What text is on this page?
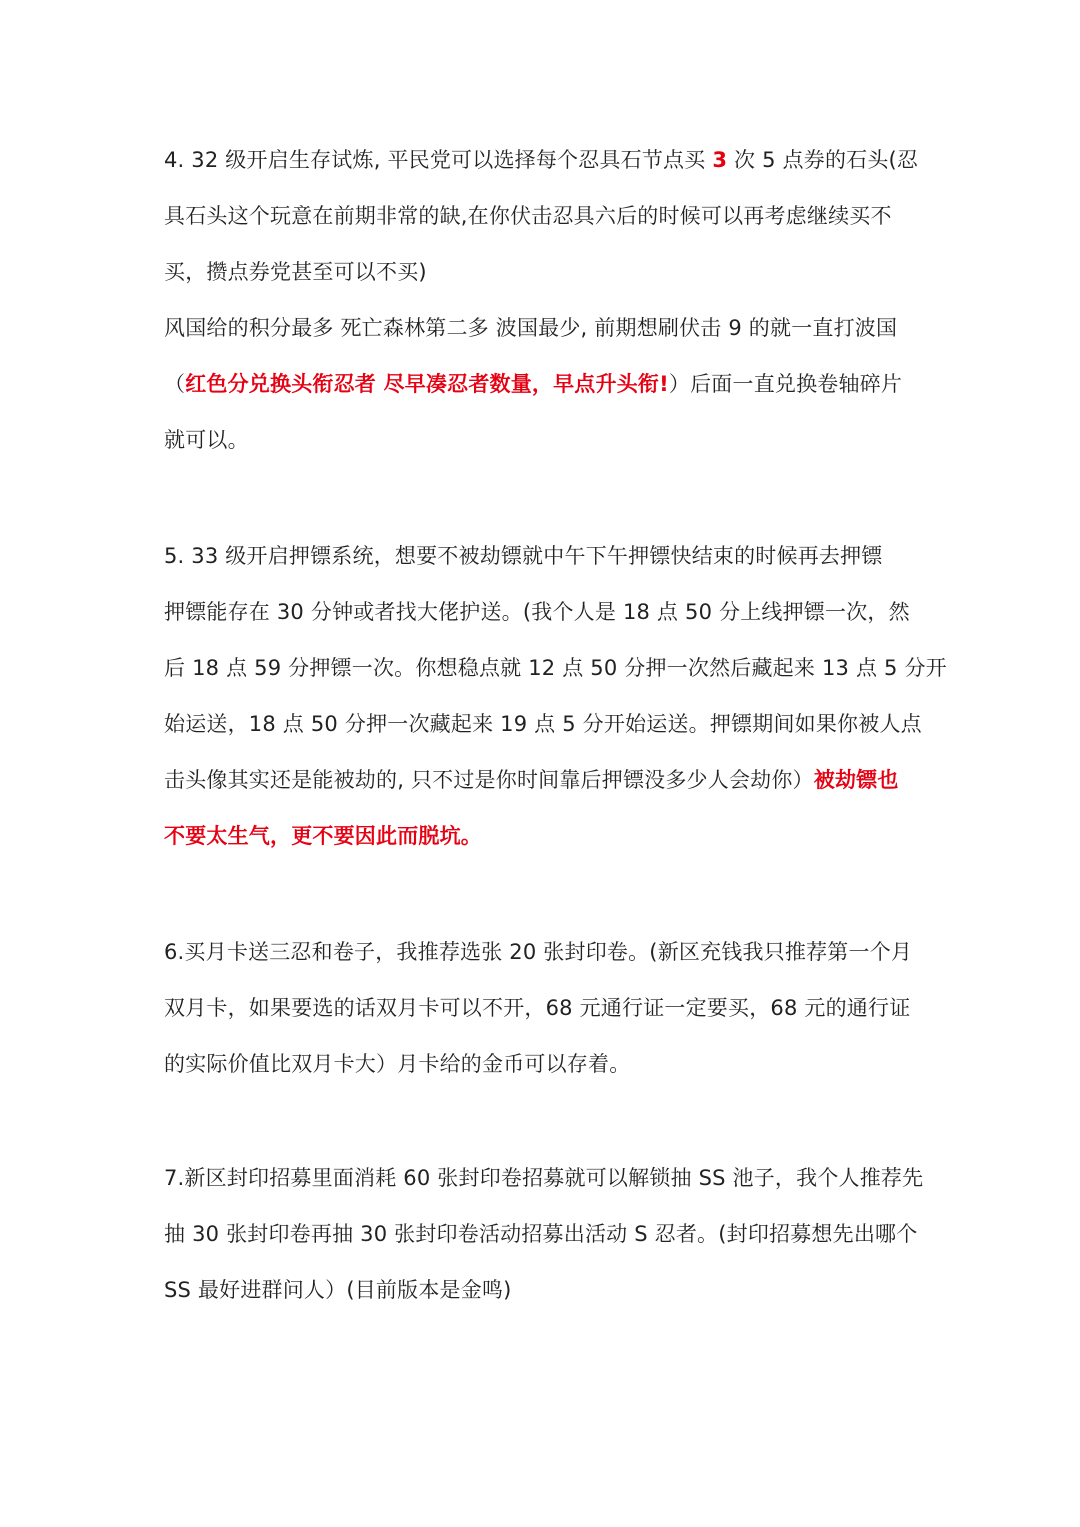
4. 32 级开启生存试炼, 平民党可以选择每个忍具石节点买 3 次 5 点券的石头(忍
具石头这个玩意在前期非常的缺,在你伏击忍具六后的时候可以再考虑继续买不
买，攒点券党甚至可以不买)
风国给的积分最多 死亡森林第二多 波国最少, 前期想刷伏击 9 的就一直打波国
（红色分兑换头衔忍者 尽早凑忍者数量，早点升头衔!）后面一直兑换卷轴碎片
就可以。
5. 33 级开启押镖系统，想要不被劫镖就中午下午押镖快结束的时候再去押镖
押镖能存在 30 分钟或者找大佬护送。(我个人是 18 点 50 分上线押镖一次，然
后 18 点 59 分押镖一次。你想稳点就 12 点 50 分押一次然后藏起来 13 点 5 分开
始运送，18 点 50 分押一次藏起来 19 点 5 分开始运送。押镖期间如果你被人点
击头像其实还是能被劫的, 只不过是你时间靠后押镖没多少人会劫你）被劫镖也
不要太生气，更不要因此而脱坑。
6.买月卡送三忍和卷子，我推荐选张 20 张封印卷。(新区充钱我只推荐第一个月
双月卡，如果要选的话双月卡可以不开，68 元通行证一定要买，68 元的通行证
的实际价值比双月卡大）月卡给的金币可以存着。
7.新区封印招募里面消耗 60 张封印卷招募就可以解锁抽 SS 池子，我个人推荐先
抽 30 张封印卷再抽 30 张封印卷活动招募出活动 S 忍者。(封印招募想先出哪个
SS 最好进群问人）(目前版本是金鸣)
